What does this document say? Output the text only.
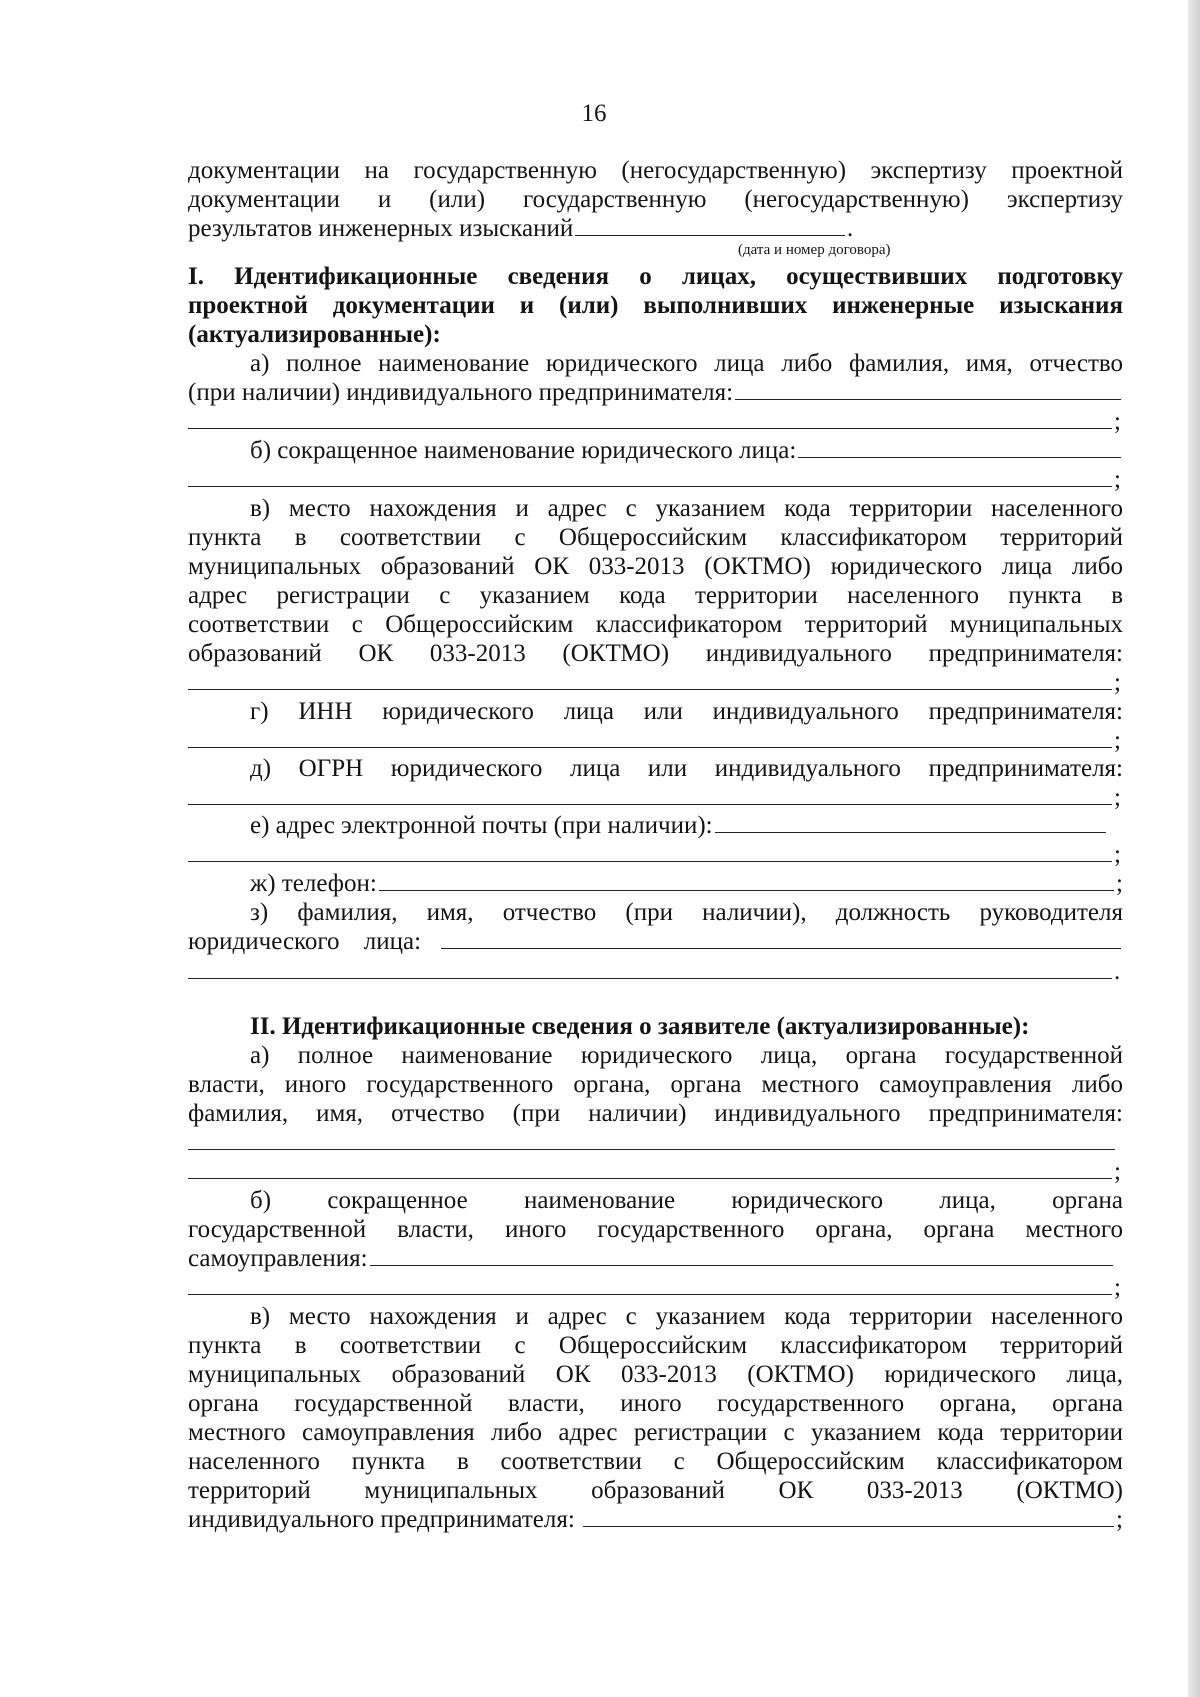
16
документации на государственную (негосударственную) экспертизу проектной
документации и (или) государственную (негосударственную) экспертизу
результатов инженерных изысканий	.
(дата и номер договора)
I. Идентификационные сведения о лицах, осуществивших подготовку
проектной документации и (или) выполнивших инженерные изыскания
(актуализированные):
а) полное наименование юридического лица либо фамилия, имя, отчество
(при наличии) индивидуального предпринимателя:
;
б) сокращенное наименование юридического лица:
;
в) место нахождения и адрес с указанием кода территории населенного
пункта в соответствии с Общероссийским классификатором территорий
муниципальных образований ОК 033-2013 (ОКТМО) юридического лица либо
адрес регистрации с указанием кода территории населенного пункта в
соответствии с Общероссийским классификатором территорий муниципальных
образований ОК 033-2013 (ОКТМО) индивидуального предпринимателя:
;
г) ИНН юридического лица или индивидуального предпринимателя:
;
д) ОГРН юридического лица или индивидуального предпринимателя:
;
е) адрес электронной почты (при наличии):
;
ж) телефон:	;
з) фамилия, имя, отчество (при наличии), должность руководителя
юридического лица:
.
II. Идентификационные сведения о заявителе (актуализированные):
а) полное наименование юридического лица, органа государственной
власти, иного государственного органа, органа местного самоуправления либо
фамилия, имя, отчество (при наличии) индивидуального предпринимателя:
;
б) сокращенное наименование юридического лица, органа
государственной власти, иного государственного органа, органа местного
самоуправления:
;
в) место нахождения и адрес с указанием кода территории населенного
пункта в соответствии с Общероссийским классификатором территорий
муниципальных образований ОК 033-2013 (ОКТМО) юридического лица,
органа государственной власти, иного государственного органа, органа
местного самоуправления либо адрес регистрации с указанием кода территории
населенного пункта в соответствии с Общероссийским классификатором
территорий муниципальных образований ОК 033-2013 (ОКТМО)
индивидуального предпринимателя:	;
